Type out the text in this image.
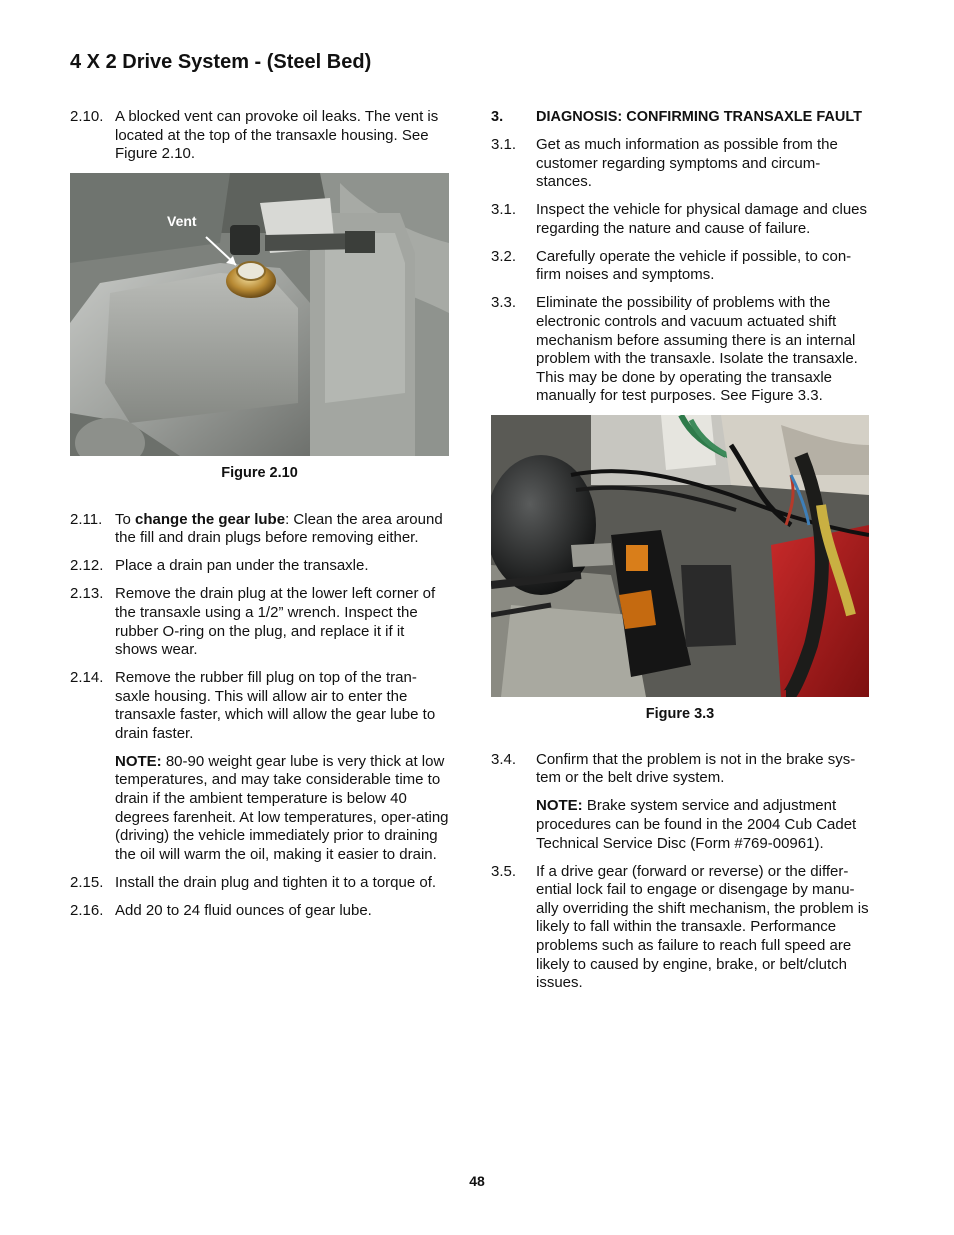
4 X 2 Drive System - (Steel Bed)
2.10. A blocked vent can provoke oil leaks. The vent is located at the top of the transaxle housing. See Figure 2.10.
Vent
Figure 2.10
2.11. To change the gear lube: Clean the area around the fill and drain plugs before removing either.
2.12. Place a drain pan under the transaxle.
2.13. Remove the drain plug at the lower left corner of the transaxle using a 1/2” wrench. Inspect the rubber O-ring on the plug, and replace it if it shows wear.
2.14. Remove the rubber fill plug on top of the tran-saxle housing. This will allow air to enter the transaxle faster, which will allow the gear lube to drain faster.
NOTE: 80-90 weight gear lube is very thick at low temperatures, and may take considerable time to drain if the ambient temperature is below 40 degrees farenheit. At low temperatures, oper-ating (driving) the vehicle immediately prior to draining the oil will warm the oil, making it easier to drain.
2.15. Install the drain plug and tighten it to a torque of.
2.16. Add 20 to 24 fluid ounces of gear lube.
3.	DIAGNOSIS: CONFIRMING TRANSAXLE FAULT
3.1.	Get as much information as possible from the customer regarding symptoms and circum-stances.
3.1.	Inspect the vehicle for physical damage and clues regarding the nature and cause of failure.
3.2.	Carefully operate the vehicle if possible, to con-firm noises and symptoms.
3.3.	Eliminate the possibility of problems with the electronic controls and vacuum actuated shift mechanism before assuming there is an internal problem with the transaxle. Isolate the transaxle. This may be done by operating the transaxle manually for test purposes. See Figure 3.3.
Figure 3.3
3.4.	Confirm that the problem is not in the brake sys-tem or the belt drive system.
NOTE: Brake system service and adjustment procedures can be found in the 2004 Cub Cadet Technical Service Disc (Form #769-00961).
3.5.	If a drive gear (forward or reverse) or the differ-ential lock fail to engage or disengage by manu-ally overriding the shift mechanism, the problem is likely to fall within the transaxle. Performance problems such as failure to reach full speed are likely to caused by engine, brake, or belt/clutch issues.
48
